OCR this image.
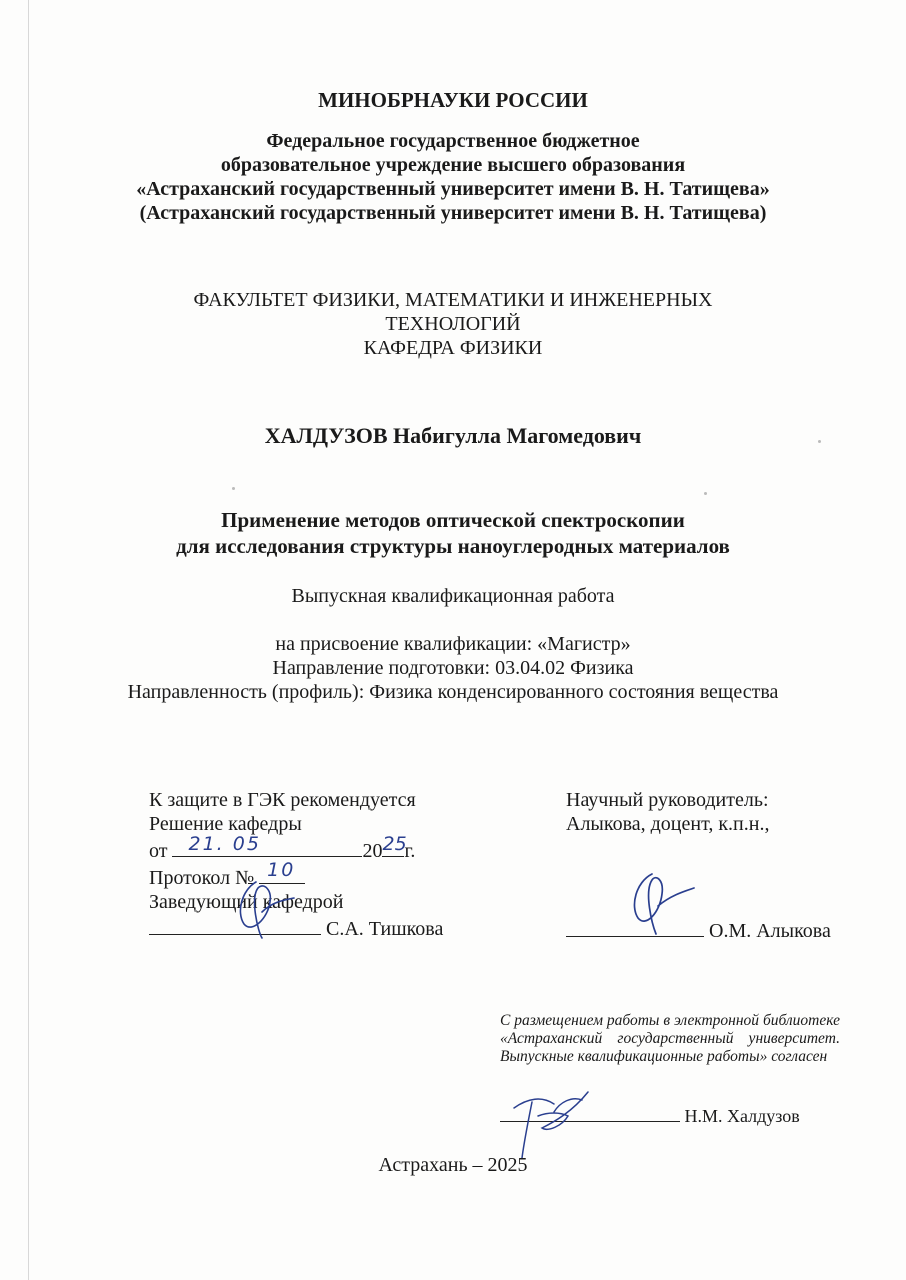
МИНОБРНАУКИ РОССИИ
Федеральное государственное бюджетное
образовательное учреждение высшего образования
«Астраханский государственный университет имени В. Н. Татищева»
(Астраханский государственный университет имени В. Н. Татищева)
ФАКУЛЬТЕТ ФИЗИКИ, МАТЕМАТИКИ И ИНЖЕНЕРНЫХ
ТЕХНОЛОГИЙ
КАФЕДРА ФИЗИКИ
ХАЛДУЗОВ Набигулла Магомедович
Применение методов оптической спектроскопии
для исследования структуры наноуглеродных материалов
Выпускная квалификационная работа
на присвоение квалификации: «Магистр»
Направление подготовки: 03.04.02 Физика
Направленность (профиль): Физика конденсированного состояния вещества
К защите в ГЭК рекомендуется
Решение кафедры
от 21. 05	20 25
г.
Протокол № 10
Заведующий кафедрой
С.А. Тишкова
Научный руководитель:
Алыкова, доцент, к.п.н.,
О.М. Алыкова
С размещением работы в электронной библиотеке «Астраханский государственный университет. Выпускные квалификационные работы» согласен
Н.М. Халдузов
Астрахань – 2025
